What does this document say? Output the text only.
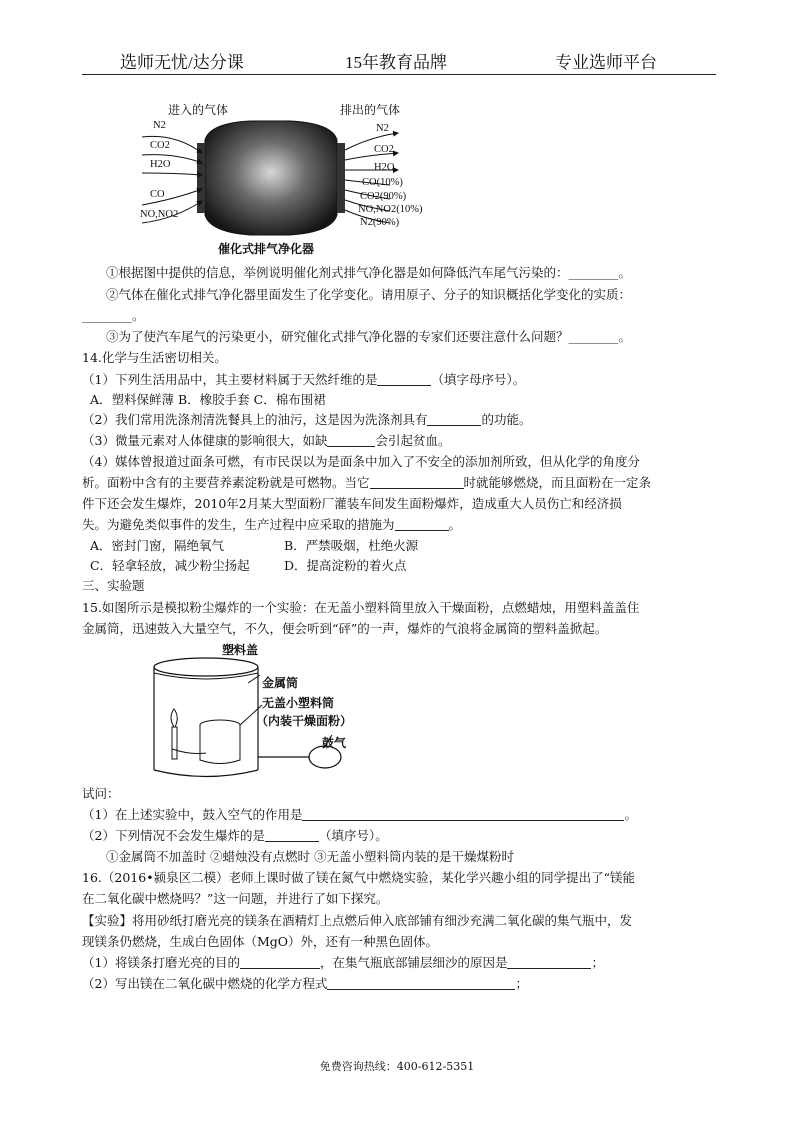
选师无忧/达分课	15年教育品牌	专业选师平台
进入的气体	排出的气体
N2
CO2
H2O
CO
NO,NO2
N2
CO2
H2O
CO(10%)
CO2(90%)
NO,NO2(10%)
N2(90%)
催化式排气净化器
①根据图中提供的信息，举例说明催化剂式排气净化器是如何降低汽车尾气污染的：________。
②气体在催化式排气净化器里面发生了化学变化。请用原子、分子的知识概括化学变化的实质：
________。
③为了使汽车尾气的污染更小，研究催化式排气净化器的专家们还要注意什么问题？________。
14.化学与生活密切相关。
（1）下列生活用品中，其主要材料属于天然纤维的是	（填字母序号）。
A．塑料保鲜薄 B．橡胶手套 C．棉布围裙
（2）我们常用洗涤剂清洗餐具上的油污，这是因为洗涤剂具有	的功能。
（3）微量元素对人体健康的影响很大，如缺	会引起贫血。
（4）媒体曾报道过面条可燃，有市民误以为是面条中加入了不安全的添加剂所致，但从化学的角度分
析。面粉中含有的主要营养素淀粉就是可燃物。当它	时就能够燃烧，而且面粉在一定条
件下还会发生爆炸，2010年2月某大型面粉厂灌装车间发生面粉爆炸，造成重大人员伤亡和经济损
失。为避免类似事件的发生，生产过程中应采取的措施为	。
A．密封门窗，隔绝氧气	B．严禁吸烟，杜绝火源
C．轻拿轻放，减少粉尘扬起	D．提高淀粉的着火点
三、实验题
15.如图所示是模拟粉尘爆炸的一个实验：在无盖小塑料筒里放入干燥面粉，点燃蜡烛，用塑料盖盖住
金属筒，迅速鼓入大量空气，不久，便会听到“砰”的一声，爆炸的气浪将金属筒的塑料盖掀起。
塑料盖
金属筒
无盖小塑料筒
（内装干燥面粉）
鼓气
试问：
（1）在上述实验中，鼓入空气的作用是	。
（2）下列情况不会发生爆炸的是	（填序号）。
①金属筒不加盖时 ②蜡烛没有点燃时 ③无盖小塑料筒内装的是干燥煤粉时
16.（2016•颍泉区二模）老师上课时做了镁在氮气中燃烧实验，某化学兴趣小组的同学提出了“镁能
在二氧化碳中燃烧吗？”这一问题，并进行了如下探究。
【实验】将用砂纸打磨光亮的镁条在酒精灯上点燃后伸入底部铺有细沙充满二氧化碳的集气瓶中，发
现镁条仍燃烧，生成白色固体（MgO）外，还有一种黑色固体。
（1）将镁条打磨光亮的目的	，在集气瓶底部铺层细沙的原因是	；
（2）写出镁在二氧化碳中燃烧的化学方程式	；
免费咨询热线：400-612-5351
